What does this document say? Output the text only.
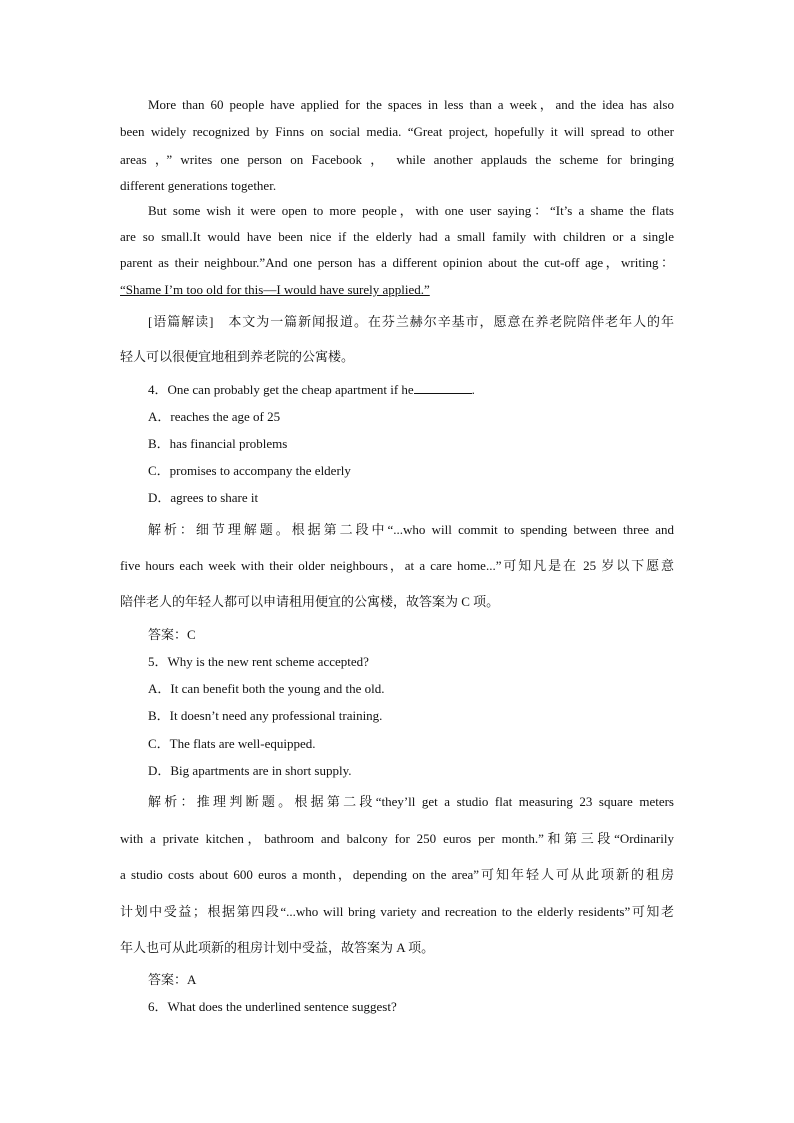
More than 60 people have applied for the spaces in less than a week，and the idea has also
been widely recognized by Finns on social media. “Great project, hopefully it will spread to other
areas ，” writes one person on Facebook ， while another applauds the scheme for bringing
different generations together.
But some wish it were open to more people，with one user saying：“It’s a shame the flats
are so small.It would have been nice if the elderly had a small family with children or a single
parent as their neighbour.”And one person has a different opinion about the cut-off age，writing：
“Shame I’m too old for this—I would have surely applied.”
[语篇解读]　本文为一篇新闻报道。在芬兰赫尔辛基市，愿意在养老院陪伴老年人的年
轻人可以很便宜地租到养老院的公寓楼。
4．One can probably get the cheap apartment if he	.
A．reaches the age of 25
B．has financial problems
C．promises to accompany the elderly
D．agrees to share it
解析：细节理解题。根据第二段中“...who will commit to spending between three and
five hours each week with their older neighbours，at a care home...”可知凡是在 25 岁以下愿意
陪伴老人的年轻人都可以申请租用便宜的公寓楼，故答案为 C 项。
答案：C
5．Why is the new rent scheme accepted?
A．It can benefit both the young and the old.
B．It doesn’t need any professional training.
C．The flats are well-equipped.
D．Big apartments are in short supply.
解析：推理判断题。根据第二段“they’ll get a studio flat measuring 23 square meters
with a private kitchen，bathroom and balcony for 250 euros per month.”和第三段“Ordinarily
a studio costs about 600 euros a month，depending on the area”可知年轻人可从此项新的租房
计划中受益；根据第四段“...who will bring variety and recreation to the elderly residents”可知老
年人也可从此项新的租房计划中受益，故答案为 A 项。
答案：A
6．What does the underlined sentence suggest?
